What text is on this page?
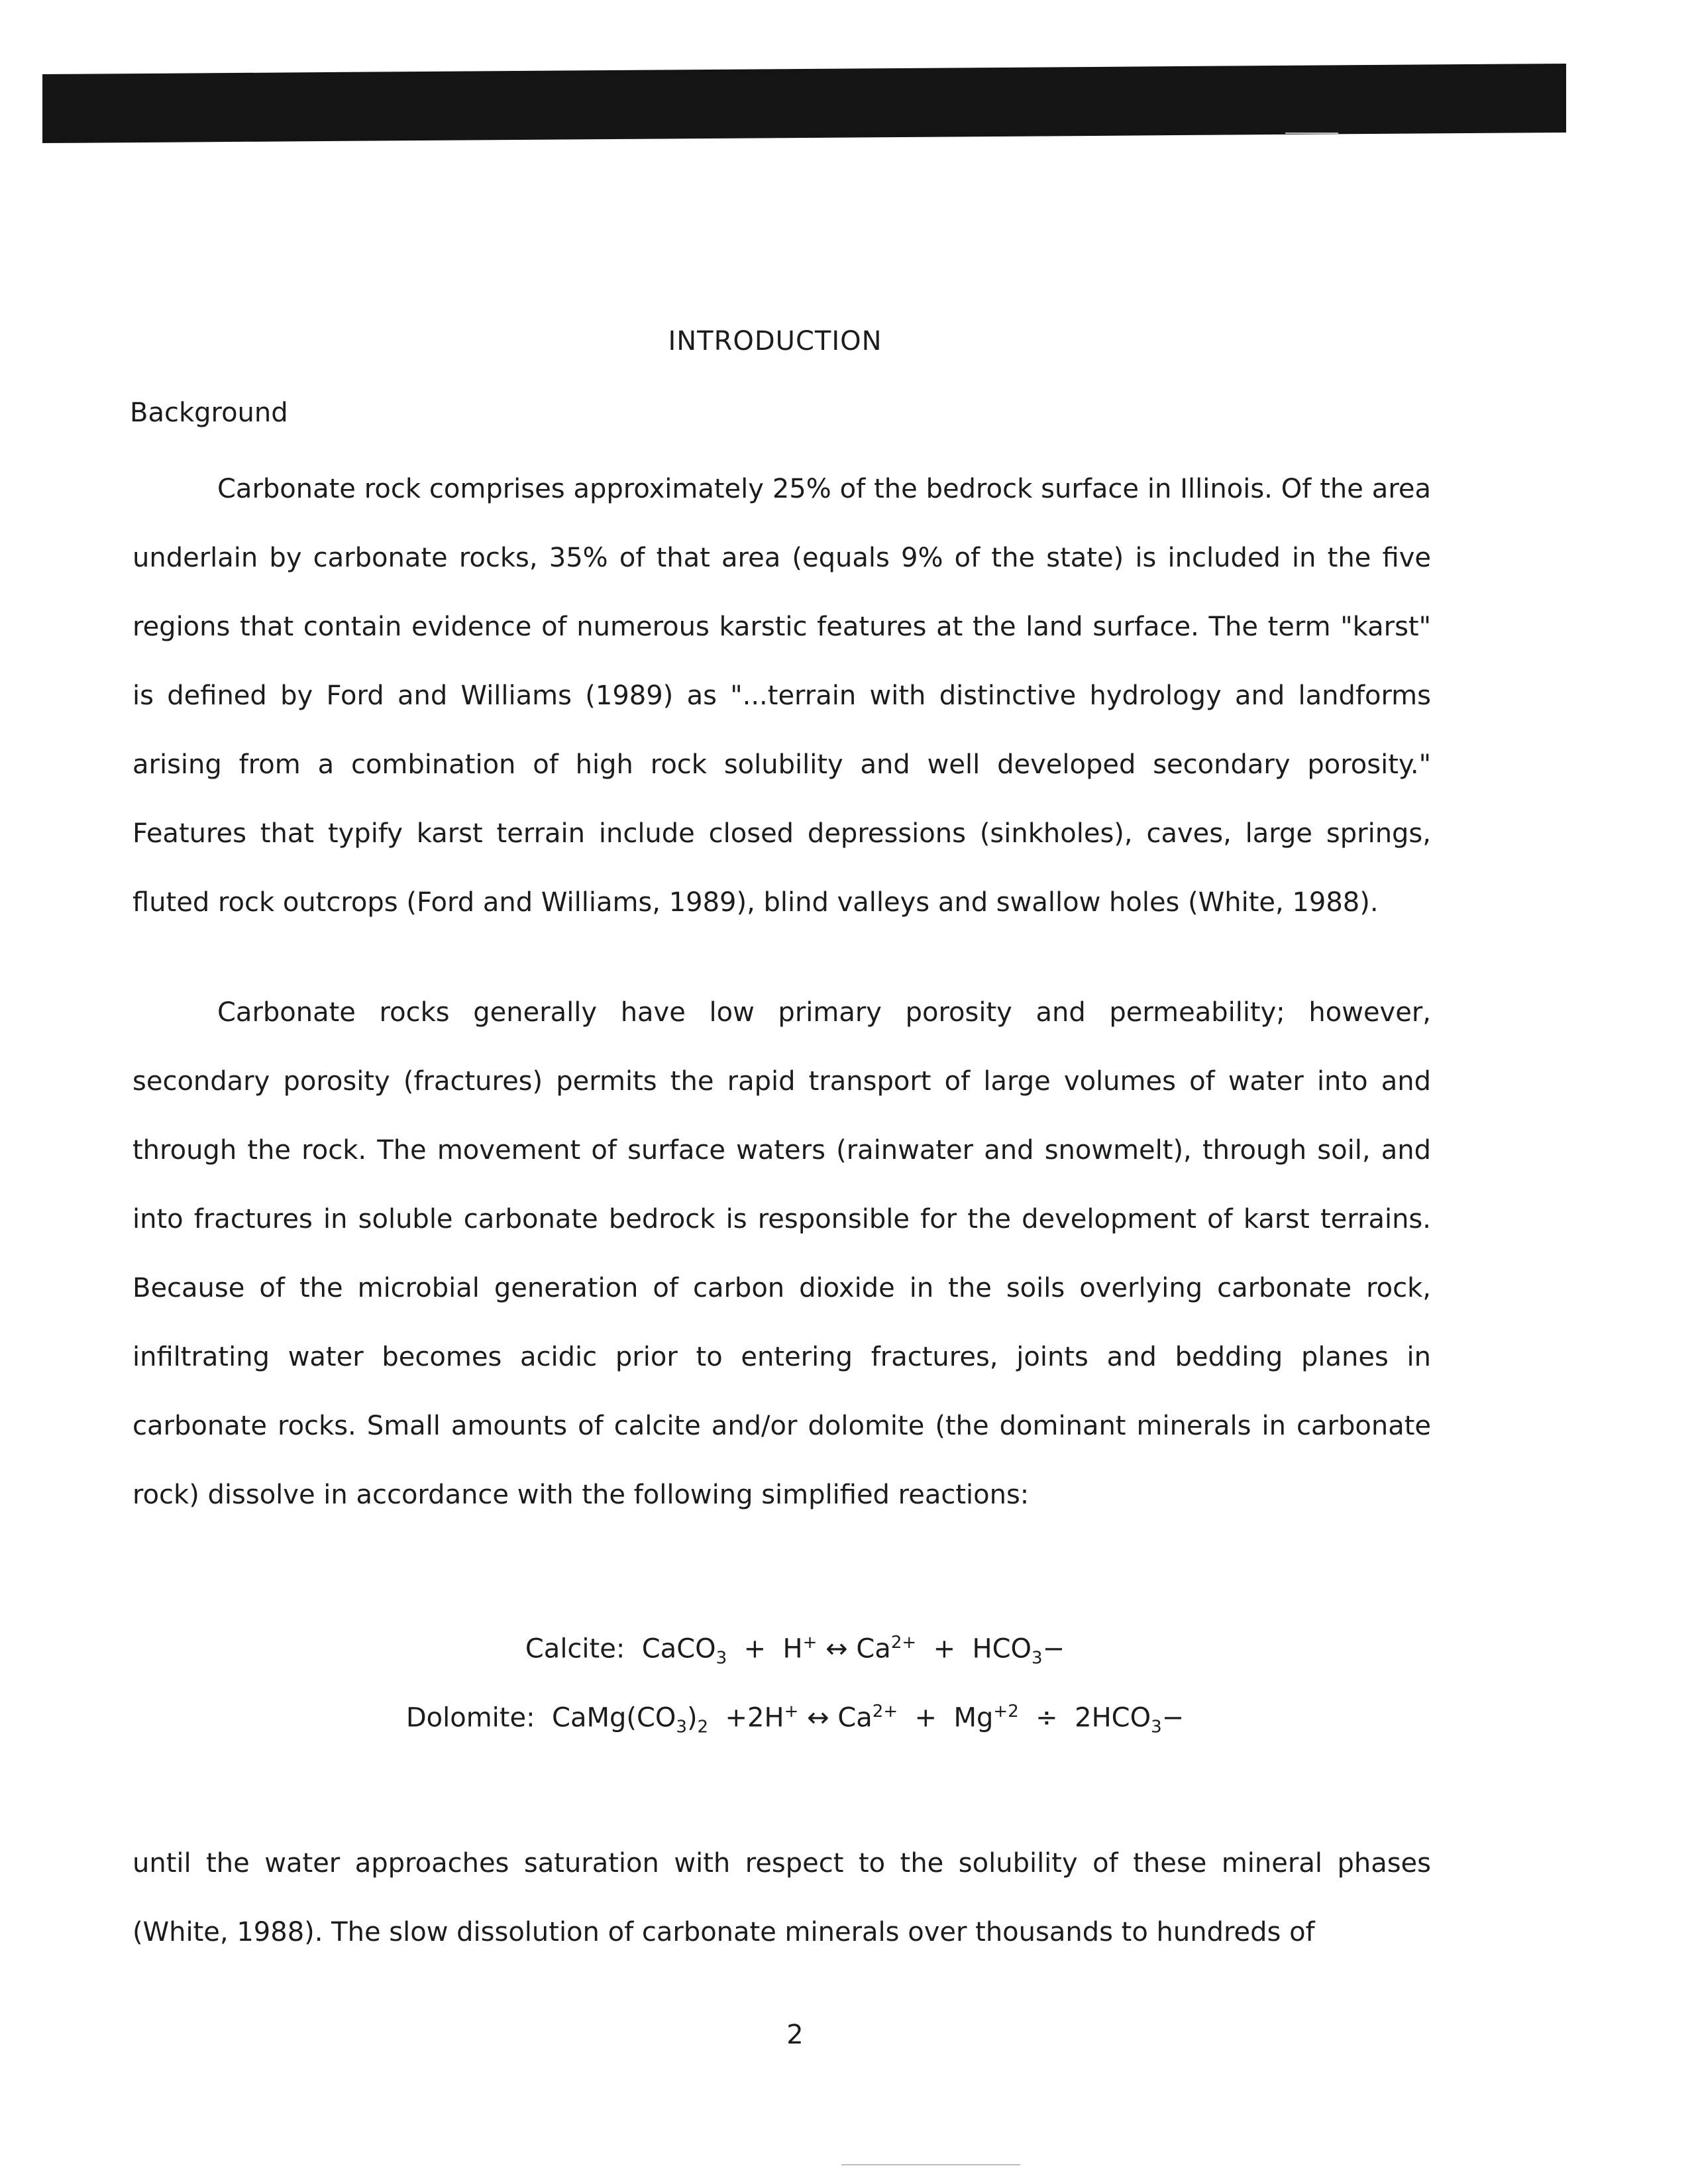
INTRODUCTION
Background

Carbonate rock comprises approximately 25% of the bedrock surface in Illinois. Of the area underlain by carbonate rocks, 35% of that area (equals 9% of the state) is included in the five regions that contain evidence of numerous karstic features at the land surface. The term "karst" is defined by Ford and Williams (1989) as "...terrain with distinctive hydrology and landforms arising from a combination of high rock solubility and well developed secondary porosity." Features that typify karst terrain include closed depressions (sinkholes), caves, large springs, fluted rock outcrops (Ford and Williams, 1989), blind valleys and swallow holes (White, 1988).

Carbonate rocks generally have low primary porosity and permeability; however, secondary porosity (fractures) permits the rapid transport of large volumes of water into and through the rock. The movement of surface waters (rainwater and snowmelt), through soil, and into fractures in soluble carbonate bedrock is responsible for the development of karst terrains. Because of the microbial generation of carbon dioxide in the soils overlying carbonate rock, infiltrating water becomes acidic prior to entering fractures, joints and bedding planes in carbonate rocks. Small amounts of calcite and/or dolomite (the dominant minerals in carbonate rock) dissolve in accordance with the following simplified reactions:

Calcite: CaCO$_3$ + H+ ↔ $Ca^{2+} + HCO_3-$
Dolomite: $CaMg(CO_3)_2 +2H^+$ ↔ $Ca^{2+} + Mg^{+2} \div 2HCO_3-$

until the water approaches saturation with respect to the solubility of these mineral phases (White, 1988). The slow dissolution of carbonate minerals over thousands to hundreds of

2
